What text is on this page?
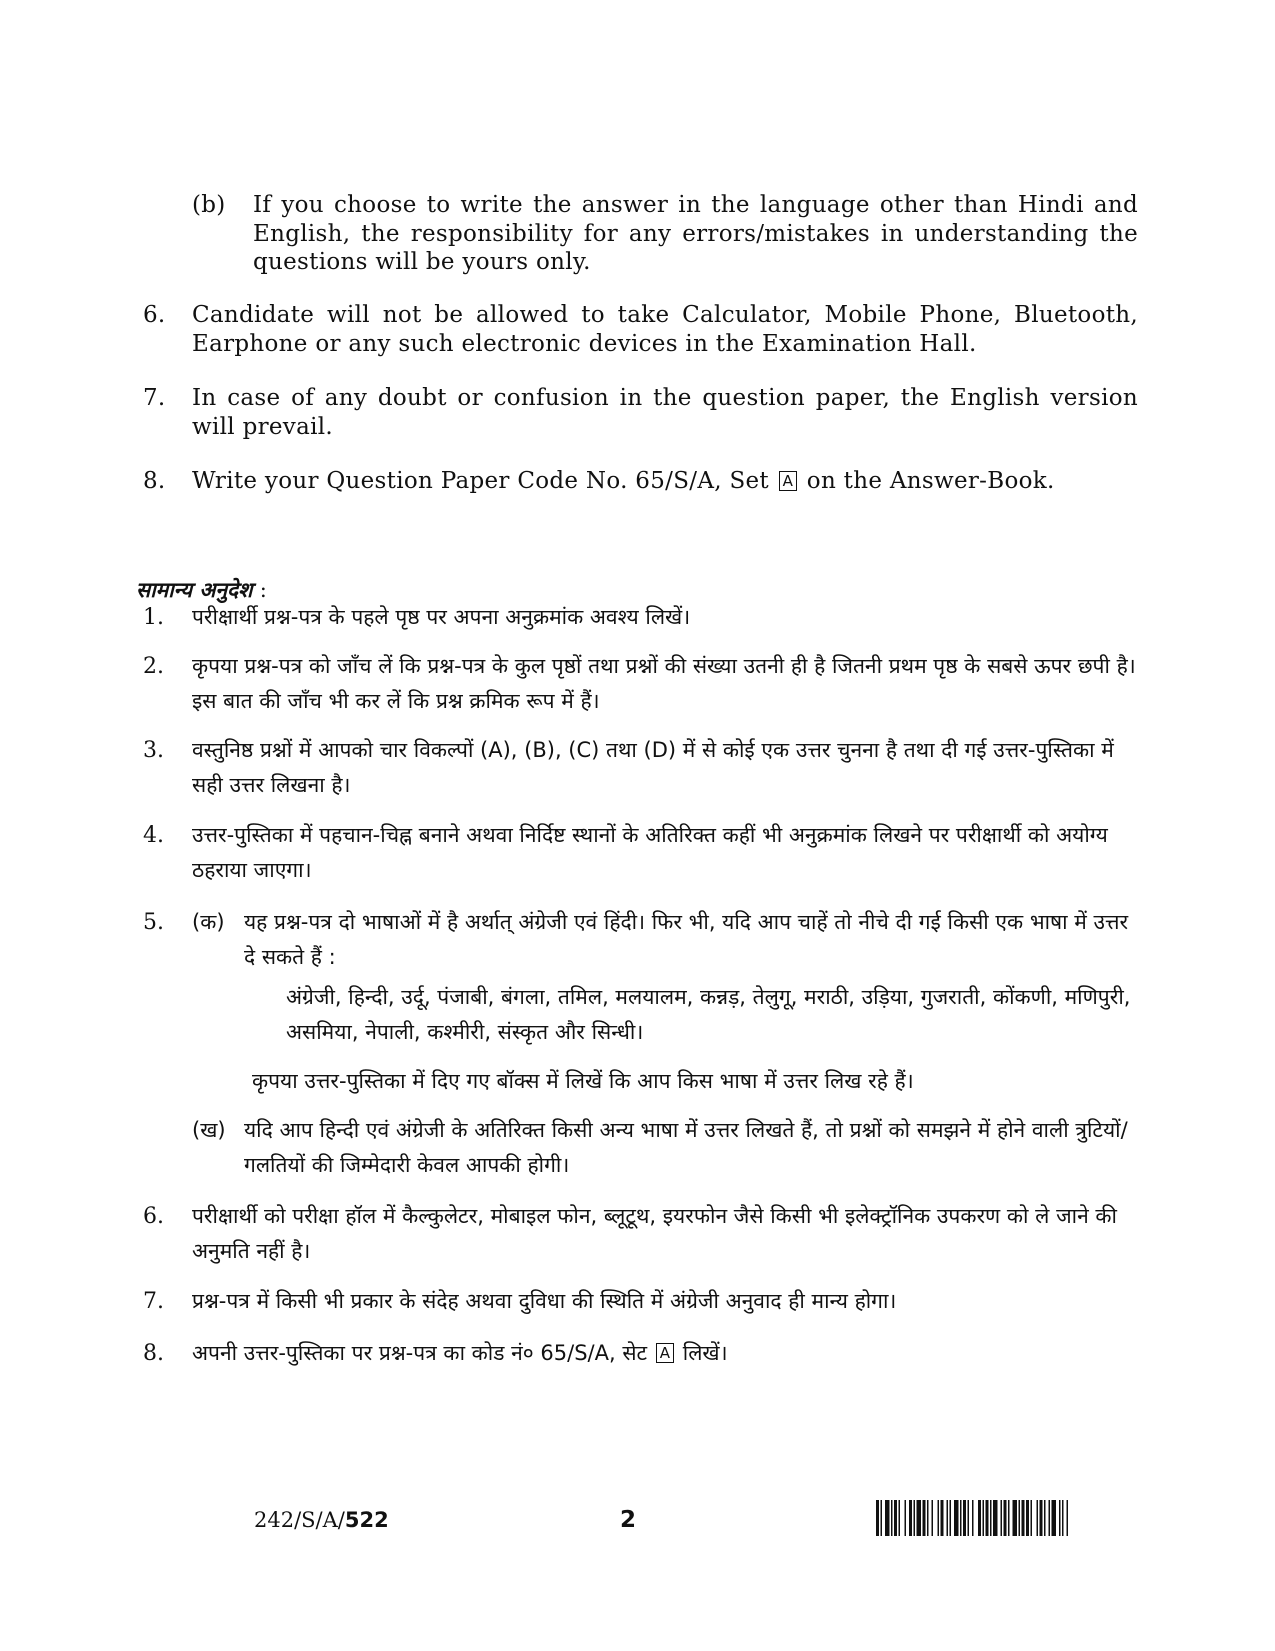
(b) If you choose to write the answer in the language other than Hindi and English, the responsibility for any errors/mistakes in understanding the questions will be yours only.
6.	Candidate will not be allowed to take Calculator, Mobile Phone, Bluetooth, Earphone or any such electronic devices in the Examination Hall.
7.	In case of any doubt or confusion in the question paper, the English version will prevail.
8.	Write your Question Paper Code No. 65/S/A, Set A on the Answer-Book.
सामान्य अनुदेश :
1. परीक्षार्थी प्रश्न-पत्र के पहले पृष्ठ पर अपना अनुक्रमांक अवश्य लिखें।
2. कृपया प्रश्न-पत्र को जाँच लें कि प्रश्न-पत्र के कुल पृष्ठों तथा प्रश्नों की संख्या उतनी ही है जितनी प्रथम पृष्ठ के सबसे ऊपर छपी है। इस बात की जाँच भी कर लें कि प्रश्न क्रमिक रूप में हैं।
3. वस्तुनिष्ठ प्रश्नों में आपको चार विकल्पों (A), (B), (C) तथा (D) में से कोई एक उत्तर चुनना है तथा दी गई उत्तर-पुस्तिका में सही उत्तर लिखना है।
4. उत्तर-पुस्तिका में पहचान-चिह्न बनाने अथवा निर्दिष्ट स्थानों के अतिरिक्त कहीं भी अनुक्रमांक लिखने पर परीक्षार्थी को अयोग्य ठहराया जाएगा।
5. (क) यह प्रश्न-पत्र दो भाषाओं में है अर्थात् अंग्रेजी एवं हिंदी। फिर भी, यदि आप चाहें तो नीचे दी गई किसी एक भाषा में उत्तर दे सकते हैं :
अंग्रेजी, हिन्दी, उर्दू, पंजाबी, बंगला, तमिल, मलयालम, कन्नड़, तेलुगू, मराठी, उड़िया, गुजराती, कोंकणी, मणिपुरी, असमिया, नेपाली, कश्मीरी, संस्कृत और सिन्धी।
कृपया उत्तर-पुस्तिका में दिए गए बॉक्स में लिखें कि आप किस भाषा में उत्तर लिख रहे हैं।
(ख) यदि आप हिन्दी एवं अंग्रेजी के अतिरिक्त किसी अन्य भाषा में उत्तर लिखते हैं, तो प्रश्नों को समझने में होने वाली त्रुटियों/गलतियों की जिम्मेदारी केवल आपकी होगी।
6. परीक्षार्थी को परीक्षा हॉल में कैल्कुलेटर, मोबाइल फोन, ब्लूटूथ, इयरफोन जैसे किसी भी इलेक्ट्रॉनिक उपकरण को ले जाने की अनुमति नहीं है।
7. प्रश्न-पत्र में किसी भी प्रकार के संदेह अथवा दुविधा की स्थिति में अंग्रेजी अनुवाद ही मान्य होगा।
8. अपनी उत्तर-पुस्तिका पर प्रश्न-पत्र का कोड नं० 65/S/A, सेट A लिखें।
242/S/A/522	2
